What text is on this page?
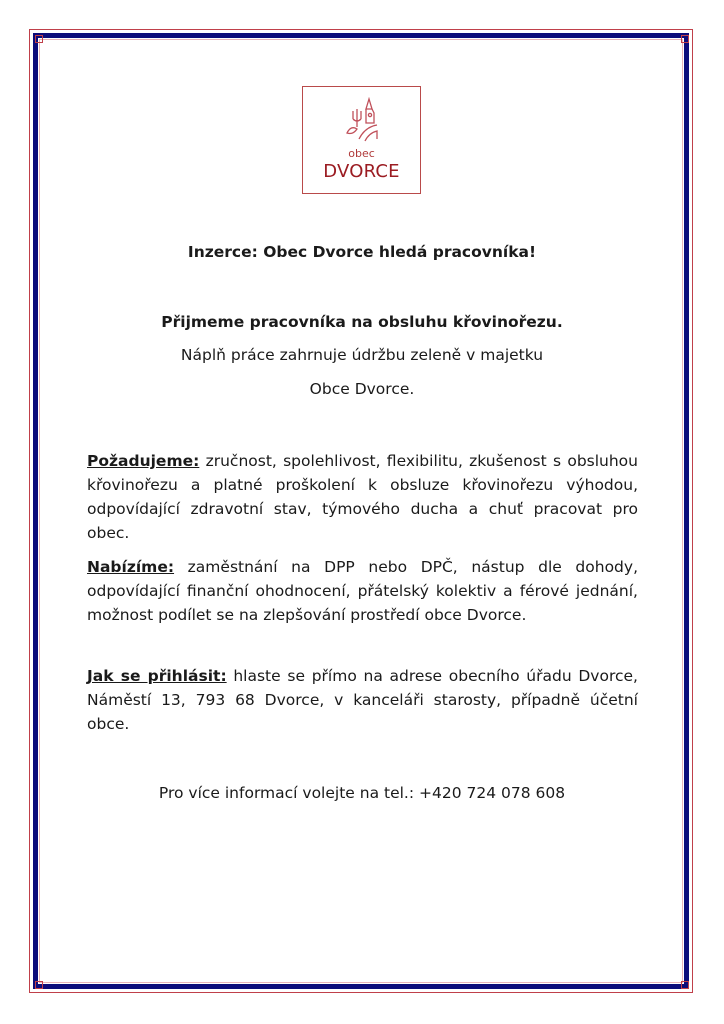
obec
DVORCE
Inzerce: Obec Dvorce hledá pracovníka!
Přijmeme pracovníka na obsluhu křovinořezu.
Náplň práce zahrnuje údržbu zeleně v majetku
Obce Dvorce.
Požadujeme: zručnost, spolehlivost, flexibilitu, zkušenost s obsluhou křovinořezu a platné proškolení k obsluze křovinořezu výhodou, odpovídající zdravotní stav, týmového ducha a chuť pracovat pro obec.
Nabízíme: zaměstnání na DPP nebo DPČ, nástup dle dohody, odpovídající finanční ohodnocení, přátelský kolektiv a férové jednání, možnost podílet se na zlepšování prostředí obce Dvorce.
Jak se přihlásit: hlaste se přímo na adrese obecního úřadu Dvorce, Náměstí 13, 793 68 Dvorce, v kanceláři starosty, případně účetní obce.
Pro více informací volejte na tel.: +420 724 078 608
